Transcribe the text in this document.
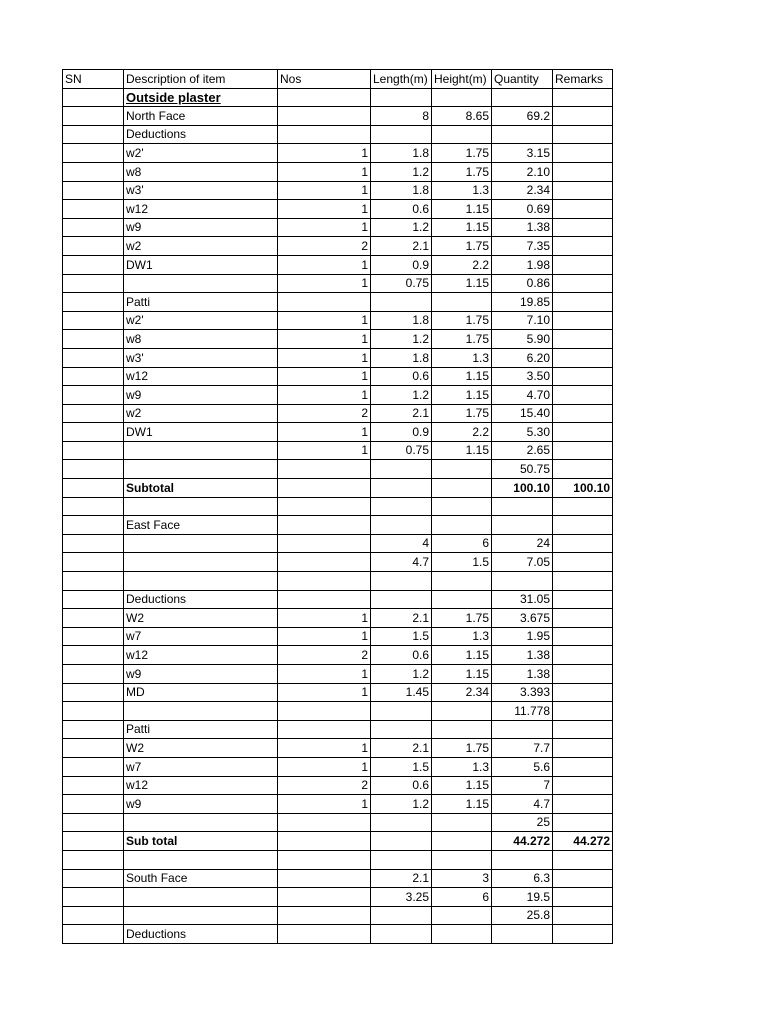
SN	Description of item	Nos	Length(m)	Height(m)	Quantity	Remarks
	Outside plaster					
	North Face		8	8.65	69.2	
	Deductions					
	w2'	1	1.8	1.75	3.15	
	w8	1	1.2	1.75	2.10	
	w3'	1	1.8	1.3	2.34	
	w12	1	0.6	1.15	0.69	
	w9	1	1.2	1.15	1.38	
	w2	2	2.1	1.75	7.35	
	DW1	1	0.9	2.2	1.98	
		1	0.75	1.15	0.86	
	Patti				19.85	
	w2'	1	1.8	1.75	7.10	
	w8	1	1.2	1.75	5.90	
	w3'	1	1.8	1.3	6.20	
	w12	1	0.6	1.15	3.50	
	w9	1	1.2	1.15	4.70	
	w2	2	2.1	1.75	15.40	
	DW1	1	0.9	2.2	5.30	
		1	0.75	1.15	2.65	
					50.75	
	Subtotal				100.10	100.10

	East Face					
			4	6	24	
			4.7	1.5	7.05	

	Deductions				31.05	
	W2	1	2.1	1.75	3.675	
	w7	1	1.5	1.3	1.95	
	w12	2	0.6	1.15	1.38	
	w9	1	1.2	1.15	1.38	
	MD	1	1.45	2.34	3.393	
					11.778	
	Patti					
	W2	1	2.1	1.75	7.7	
	w7	1	1.5	1.3	5.6	
	w12	2	0.6	1.15	7	
	w9	1	1.2	1.15	4.7	
					25	
	Sub total				44.272	44.272

	South Face		2.1	3	6.3	
			3.25	6	19.5	
					25.8	
	Deductions					
